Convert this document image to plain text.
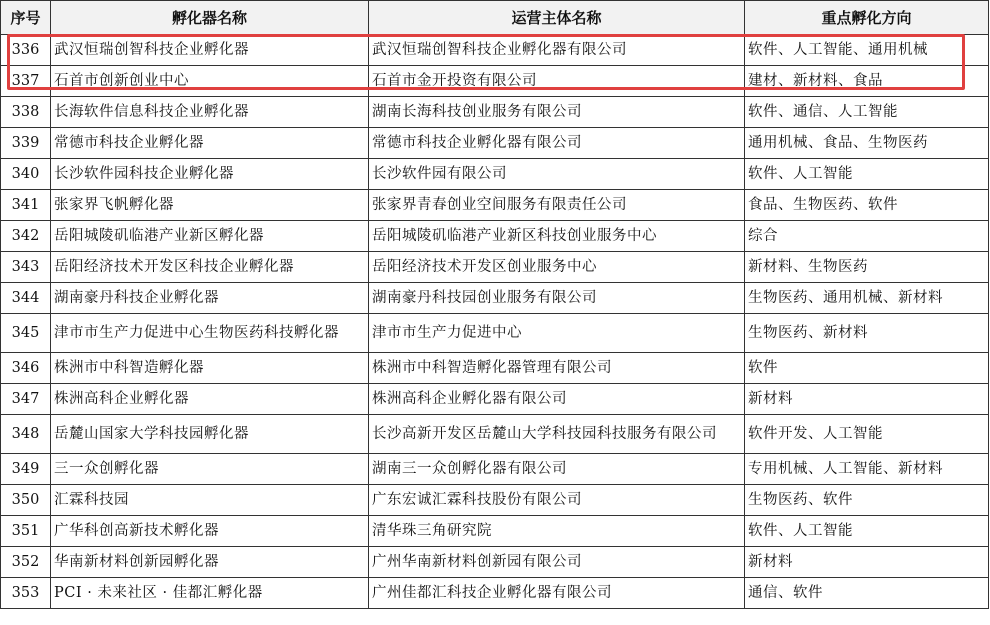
序号	孵化器名称	运营主体名称	重点孵化方向
336	武汉恒瑞创智科技企业孵化器	武汉恒瑞创智科技企业孵化器有限公司	软件、人工智能、通用机械
337	石首市创新创业中心	石首市金开投资有限公司	建材、新材料、食品
338	长海软件信息科技企业孵化器	湖南长海科技创业服务有限公司	软件、通信、人工智能
339	常德市科技企业孵化器	常德市科技企业孵化器有限公司	通用机械、食品、生物医药
340	长沙软件园科技企业孵化器	长沙软件园有限公司	软件、人工智能
341	张家界飞帆孵化器	张家界青春创业空间服务有限责任公司	食品、生物医药、软件
342	岳阳城陵矶临港产业新区孵化器	岳阳城陵矶临港产业新区科技创业服务中心	综合
343	岳阳经济技术开发区科技企业孵化器	岳阳经济技术开发区创业服务中心	新材料、生物医药
344	湖南豪丹科技企业孵化器	湖南豪丹科技园创业服务有限公司	生物医药、通用机械、新材料
345	津市市生产力促进中心生物医药科技孵化器	津市市生产力促进中心	生物医药、新材料
346	株洲市中科智造孵化器	株洲市中科智造孵化器管理有限公司	软件
347	株洲高科企业孵化器	株洲高科企业孵化器有限公司	新材料
348	岳麓山国家大学科技园孵化器	长沙高新开发区岳麓山大学科技园科技服务有限公司	软件开发、人工智能
349	三一众创孵化器	湖南三一众创孵化器有限公司	专用机械、人工智能、新材料
350	汇霖科技园	广东宏诚汇霖科技股份有限公司	生物医药、软件
351	广华科创高新技术孵化器	清华珠三角研究院	软件、人工智能
352	华南新材料创新园孵化器	广州华南新材料创新园有限公司	新材料
353	PCI · 未来社区 · 佳都汇孵化器	广州佳都汇科技企业孵化器有限公司	通信、软件
